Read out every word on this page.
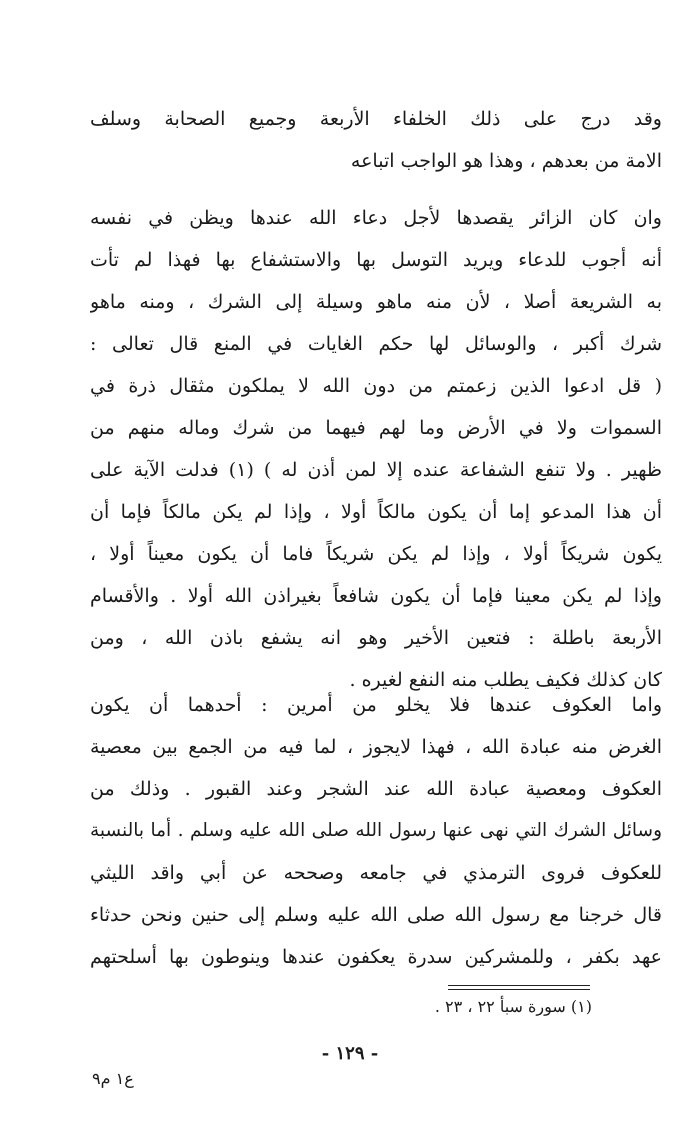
وقد درج على ذلك الخلفاء الأربعة وجميع الصحابة وسلف
الامة من بعدهم ، وهذا هو الواجب اتباعه
وان كان الزائر يقصدها لأجل دعاء الله عندها ويظن في نفسه
أنه أجوب للدعاء ويريد التوسل بها والاستشفاع بها فهذا لم تأت
به الشريعة أصلا ، لأن منه ماهو وسيلة إلى الشرك ، ومنه ماهو
شرك أكبر ، والوسائل لها حكم الغايات في المنع قال تعالى :
( قل ادعوا الذين زعمتم من دون الله لا يملكون مثقال ذرة في
السموات ولا في الأرض وما لهم فيهما من شرك وماله منهم من
ظهير . ولا تنفع الشفاعة عنده إلا لمن أذن له ) (١) فدلت الآية على
أن هذا المدعو إما أن يكون مالكاً أولا ، وإذا لم يكن مالكاً فإما أن
يكون شريكاً أولا ، وإذا لم يكن شريكاً فاما أن يكون معيناً أولا ،
وإذا لم يكن معينا فإما أن يكون شافعاً بغيراذن الله أولا . والأقسام
الأربعة باطلة : فتعين الأخير وهو انه يشفع باذن الله ، ومن
كان كذلك فكيف يطلب منه النفع لغيره .
واما العكوف عندها فلا يخلو من أمرين : أحدهما أن يكون
الغرض منه عبادة الله ، فهذا لايجوز ، لما فيه من الجمع بين معصية
العكوف ومعصية عبادة الله عند الشجر وعند القبور . وذلك من
وسائل الشرك التي نهى عنها رسول الله صلى الله عليه وسلم . أما بالنسبة
للعكوف فروى الترمذي في جامعه وصححه عن أبي واقد الليثي
قال خرجنا مع رسول الله صلى الله عليه وسلم إلى حنين ونحن حدثاء
عهد بكفر ، وللمشركين سدرة يعكفون عندها وينوطون بها أسلحتهم
(١) سورة سبأ ٢٢ ، ٢٣ .
- ١٢٩ -
ع١ م٩
